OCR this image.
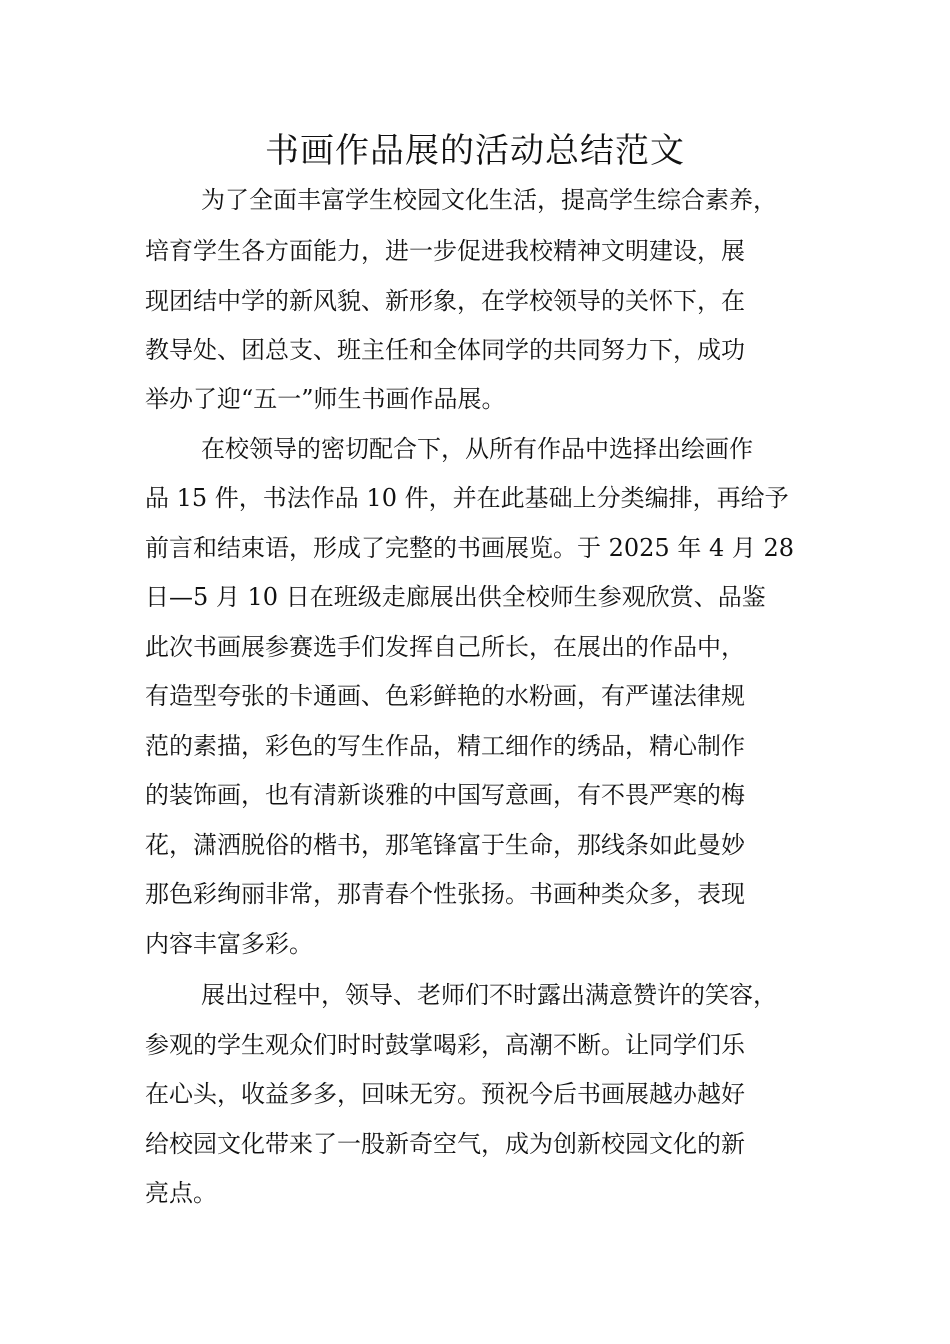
书画作品展的活动总结范文
为了全面丰富学生校园文化生活，提高学生综合素养，
培育学生各方面能力，进一步促进我校精神文明建设，展
现团结中学的新风貌、新形象，在学校领导的关怀下，在
教导处、团总支、班主任和全体同学的共同努力下，成功
举办了迎“五一”师生书画作品展。
在校领导的密切配合下，从所有作品中选择出绘画作
品 15 件，书法作品 10 件，并在此基础上分类编排，再给予
前言和结束语，形成了完整的书画展览。于 2025 年 4 月 28
日—5 月 10 日在班级走廊展出供全校师生参观欣赏、品鉴
此次书画展参赛选手们发挥自己所长，在展出的作品中，
有造型夸张的卡通画、色彩鲜艳的水粉画，有严谨法律规
范的素描，彩色的写生作品，精工细作的绣品，精心制作
的装饰画，也有清新谈雅的中国写意画，有不畏严寒的梅
花，潇洒脱俗的楷书，那笔锋富于生命，那线条如此曼妙
那色彩绚丽非常，那青春个性张扬。书画种类众多，表现
内容丰富多彩。
展出过程中，领导、老师们不时露出满意赞许的笑容，
参观的学生观众们时时鼓掌喝彩，高潮不断。让同学们乐
在心头，收益多多，回味无穷。预祝今后书画展越办越好
给校园文化带来了一股新奇空气，成为创新校园文化的新
亮点。
